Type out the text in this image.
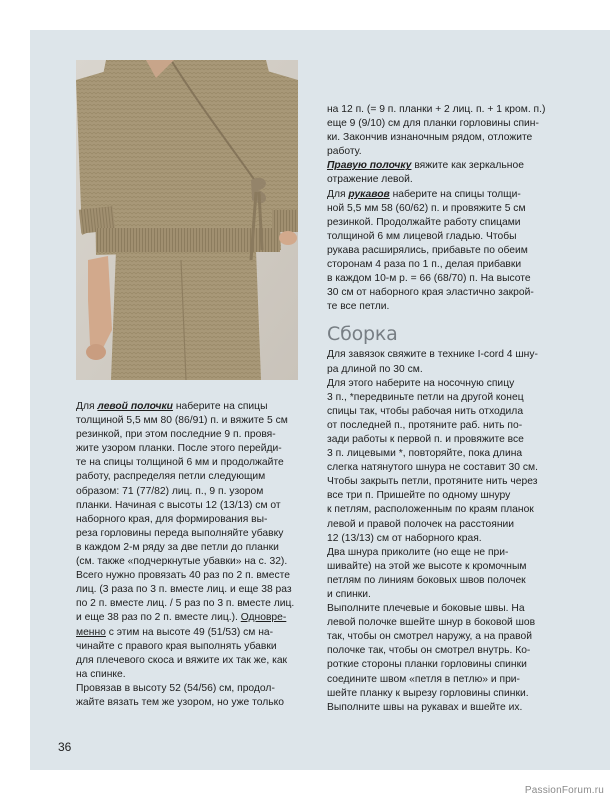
на 12 п. (= 9 п. планки + 2 лиц. п. + 1 кром. п.)
еще 9 (9/10) см для планки горловины спин-
ки. Закончив изнаночным рядом, отложите
работу.
Правую полочку вяжите как зеркальное
отражение левой.
Для рукавов наберите на спицы толщи-
ной 5,5 мм 58 (60/62) п. и провяжите 5 см
резинкой. Продолжайте работу спицами
толщиной 6 мм лицевой гладью. Чтобы
рукава расширялись, прибавьте по обеим
сторонам 4 раза по 1 п., делая прибавки
в каждом 10-м р. = 66 (68/70) п. На высоте
30 см от наборного края эластично закрой-
те все петли.
Сборка
Для завязок свяжите в технике I-cord 4 шну-
ра длиной по 30 см.
Для этого наберите на носочную спицу
3 п., *передвиньте петли на другой конец
спицы так, чтобы рабочая нить отходила
от последней п., протяните раб. нить по-
зади работы к первой п. и провяжите все
3 п. лицевыми *, повторяйте, пока длина
слегка натянутого шнура не составит 30 см.
Чтобы закрыть петли, протяните нить через
все три п. Пришейте по одному шнуру
к петлям, расположенным по краям планок
левой и правой полочек на расстоянии
12 (13/13) см от наборного края.
Два шнура приколите (но еще не при-
шивайте) на этой же высоте к кромочным
петлям по линиям боковых швов полочек
и спинки.
Выполните плечевые и боковые швы. На
левой полочке вшейте шнур в боковой шов
так, чтобы он смотрел наружу, а на правой
полочке так, чтобы он смотрел внутрь. Ко-
роткие стороны планки горловины спинки
соедините швом «петля в петлю» и при-
шейте планку к вырезу горловины спинки.
Выполните швы на рукавах и вшейте их.
Для левой полочки наберите на спицы
толщиной 5,5 мм 80 (86/91) п. и вяжите 5 см
резинкой, при этом последние 9 п. провя-
жите узором планки. После этого перейди-
те на спицы толщиной 6 мм и продолжайте
работу, распределяя петли следующим
образом: 71 (77/82) лиц. п., 9 п. узором
планки. Начиная с высоты 12 (13/13) см от
наборного края, для формирования вы-
реза горловины переда выполняйте убавку
в каждом 2-м ряду за две петли до планки
(см. также «подчеркнутые убавки» на с. 32).
Всего нужно провязать 40 раз по 2 п. вместе
лиц. (3 раза по 3 п. вместе лиц. и еще 38 раз
по 2 п. вместе лиц. / 5 раз по 3 п. вместе лиц.
и еще 38 раз по 2 п. вместе лиц.). Одновре-
менно с этим на высоте 49 (51/53) см на-
чинайте с правого края выполнять убавки
для плечевого скоса и вяжите их так же, как
на спинке.
Провязав в высоту 52 (54/56) см, продол-
жайте вязать тем же узором, но уже только
36
PassionForum.ru
